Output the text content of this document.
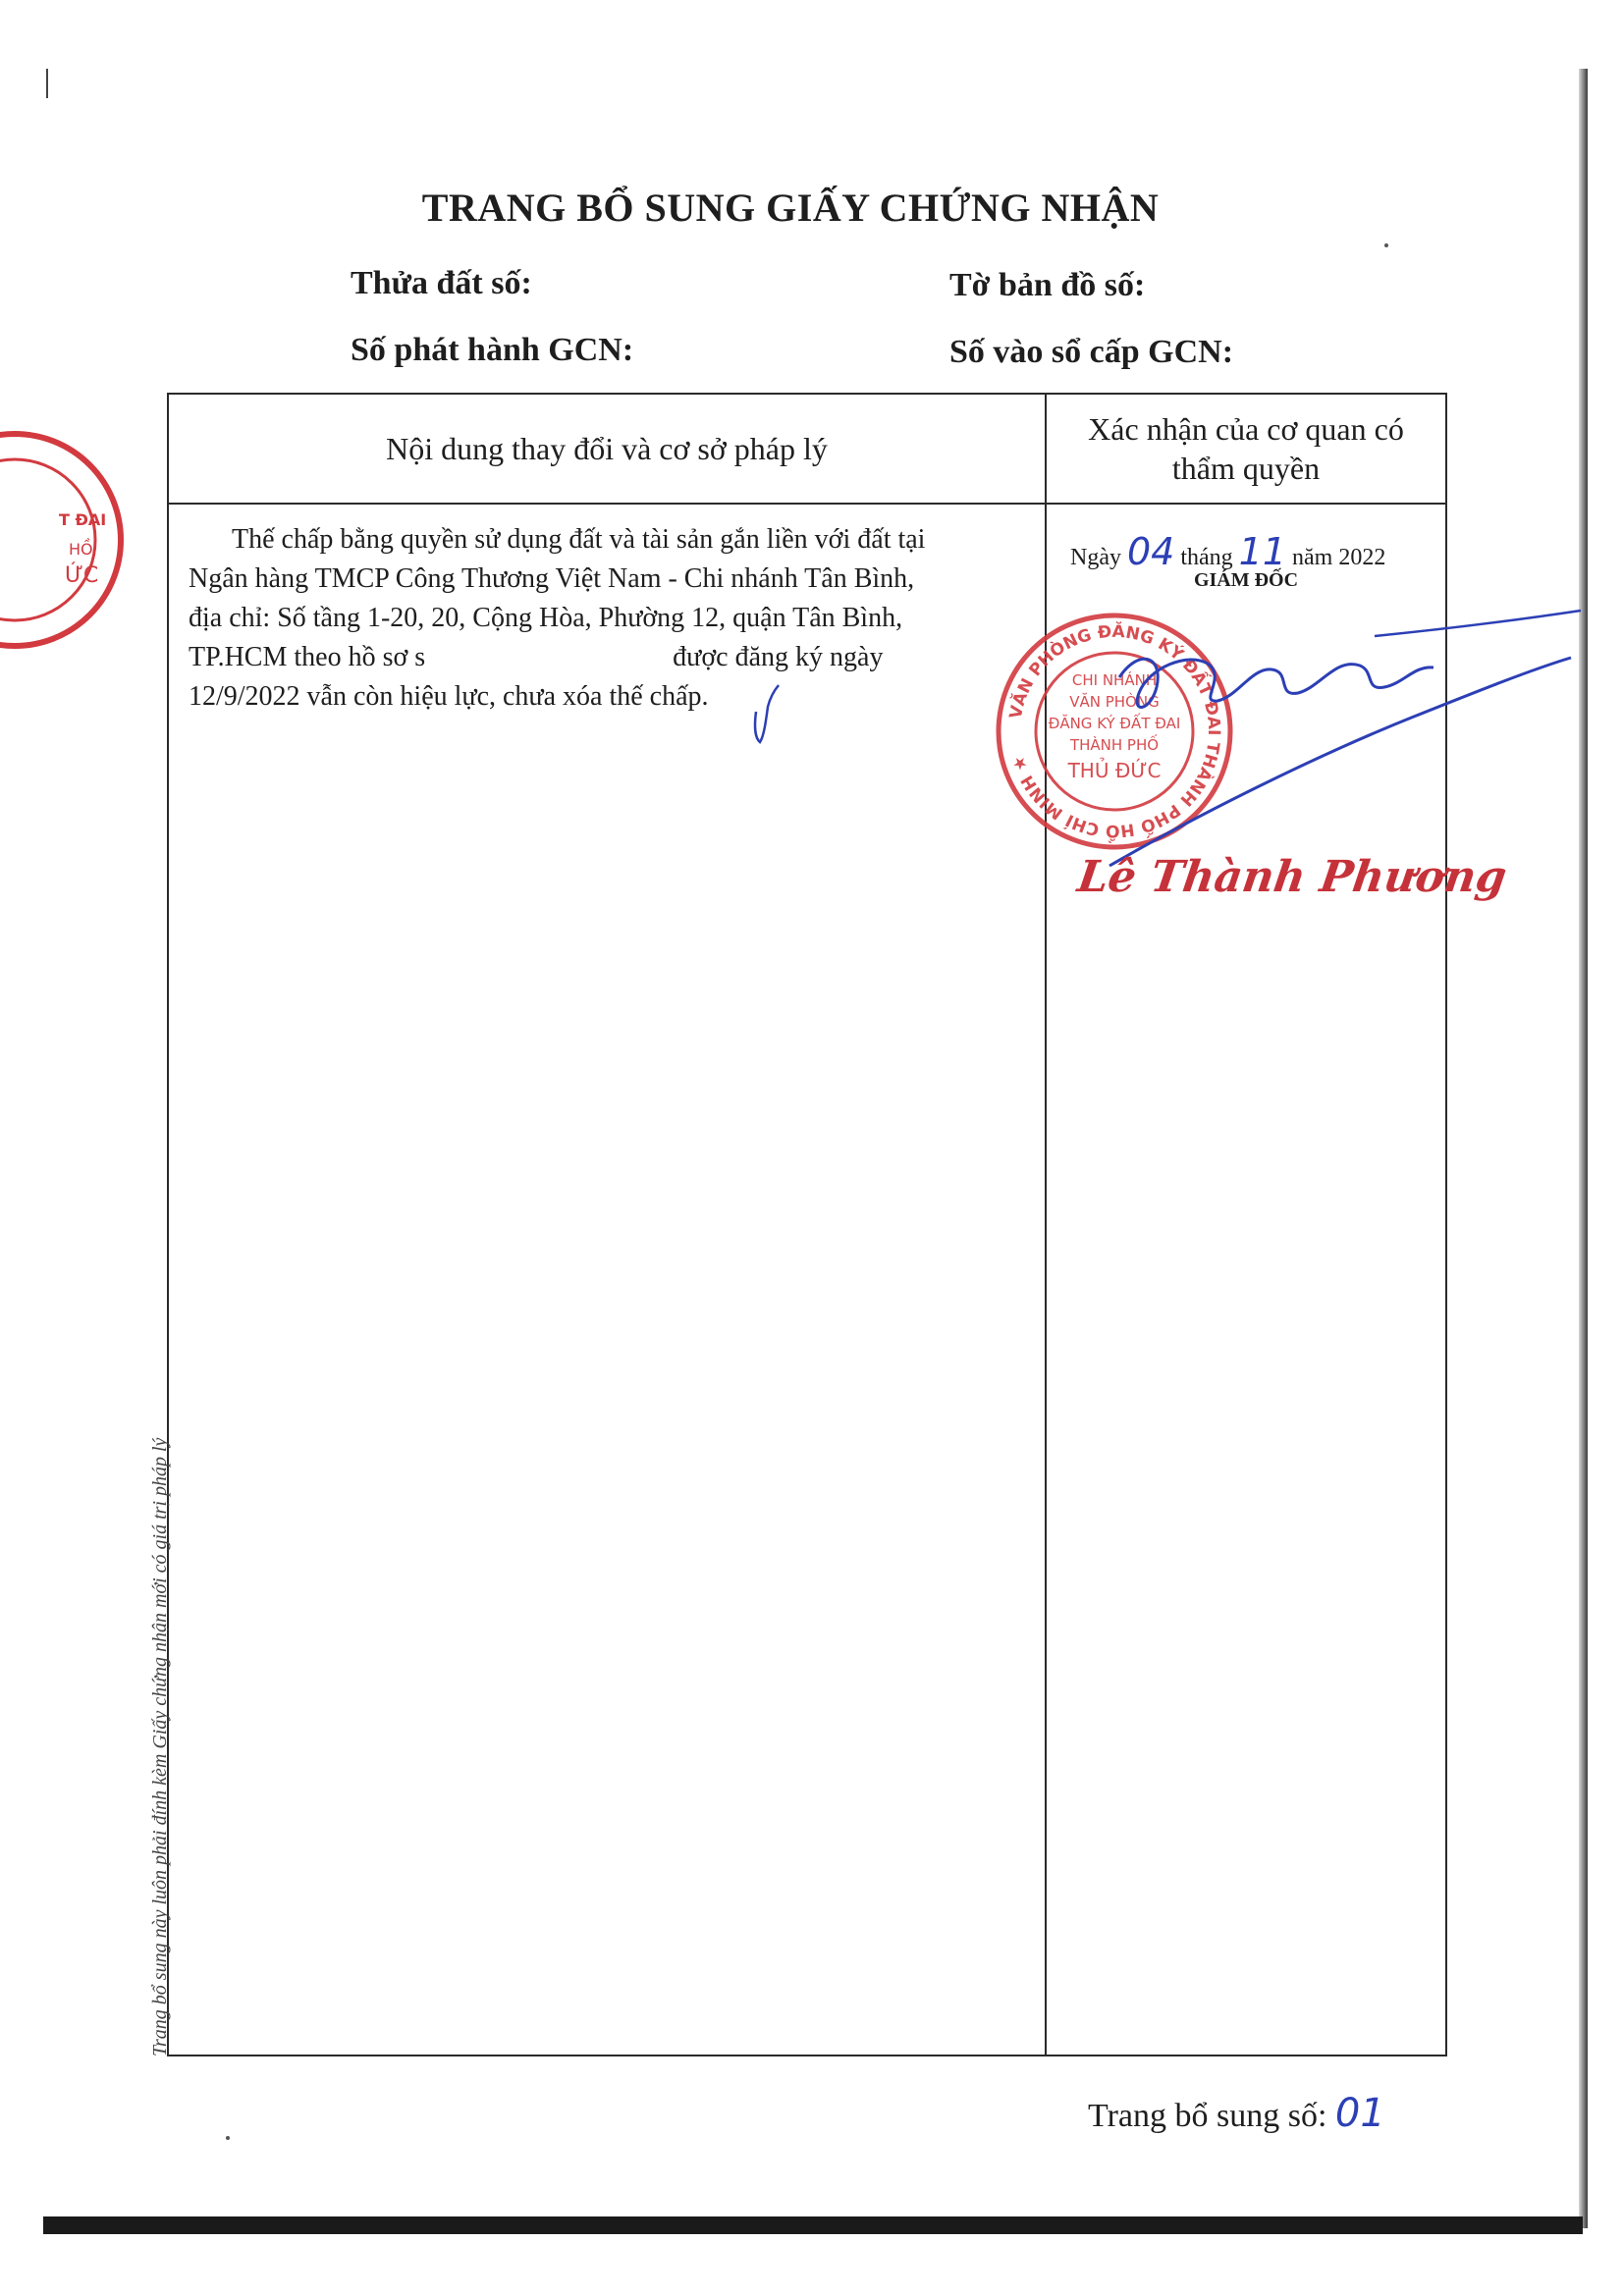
T ĐAI
HỒ
ỨC
TRANG BỔ SUNG GIẤY CHỨNG NHẬN
Thửa đất số:	Tờ bản đồ số:
Số phát hành GCN:	Số vào sổ cấp GCN:
Nội dung thay đổi và cơ sở pháp lý
Xác nhận của cơ quan có thẩm quyền

Thế chấp bằng quyền sử dụng đất và tài sản gắn liền với đất tại

Ngân hàng TMCP Công Thương Việt Nam - Chi nhánh Tân Bình,
địa chỉ: Số tầng 1-20, 20, Cộng Hòa, Phường 12, quận Tân Bình,
TP.HCM theo hồ sơ s                                    được đăng ký ngày
12/9/2022 vẫn còn hiệu lực, chưa xóa thế chấp.
Ngày 04 tháng 11 năm 2022
GIÁM ĐỐC
VĂN PHÒNG ĐĂNG KÝ ĐẤT ĐAI THÀNH PHỐ HỒ CHÍ MINH ★
CHI NHÁNH
VĂN PHÒNG
ĐĂNG KÝ ĐẤT ĐAI
THÀNH PHỐ
THỦ ĐỨC
Lê Thành Phương
Trang bổ sung này luôn phải đính kèm Giấy chứng nhận mới có giá trị pháp lý
Trang bổ sung số: 01
